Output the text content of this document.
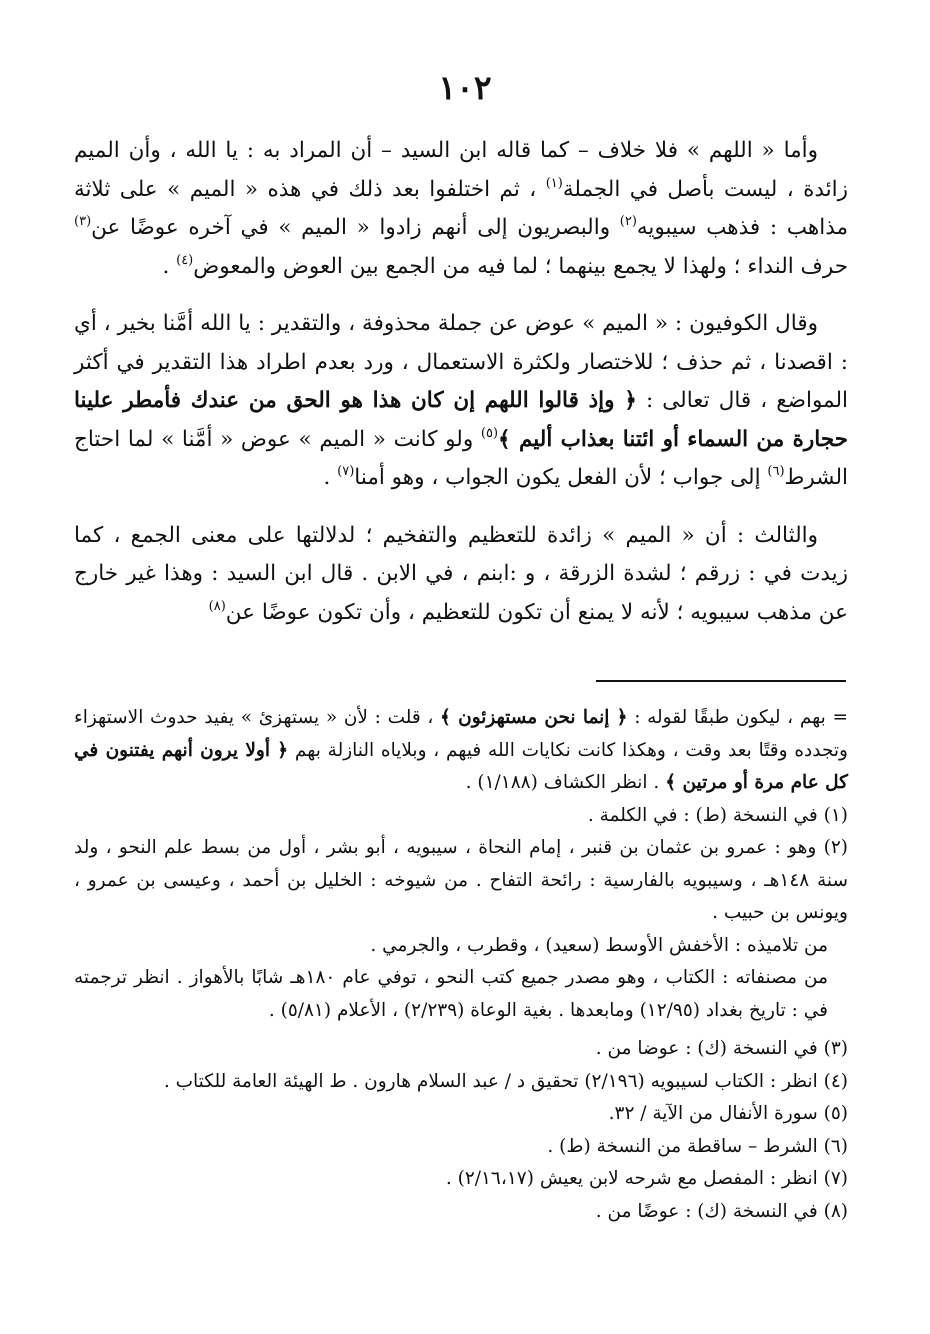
١٠٢

وأما « اللهم » فلا خلاف – كما قاله ابن السيد – أن المراد به : يا الله ، وأن الميم زائدة ، ليست بأصل في الجملة$^{(١)}$ ، ثم اختلفوا بعد ذلك في هذه « الميم » على ثلاثة مذاهب : فذهب سيبويه$^{(٢)}$ والبصريون إلى أنهم زادوا « الميم » في آخره عوضًا عن$^{(٣)}$ حرف النداء ؛ ولهذا لا يجمع بينهما ؛ لما فيه من الجمع بين العوض والمعوض$^{(٤)}$ .

وقال الكوفيون : « الميم » عوض عن جملة محذوفة ، والتقدير : يا الله أمَّنا بخير ، أي : اقصدنا ، ثم حذف ؛ للاختصار ولكثرة الاستعمال ، ورد بعدم اطراد هذا التقدير في أكثر المواضع ، قال تعالى : ﴿ وإذ قالوا اللهم إن كان هذا هو الحق من عندك فأمطر علينا حجارة من السماء أو ائتنا بعذاب أليم ﴾$^{(٥)}$ ولو كانت « الميم » عوض « أمَّنا » لما احتاج الشرط$^{(٦)}$ إلى جواب ؛ لأن الفعل يكون الجواب ، وهو أمنا$^{(٧)}$ .

والثالث : أن « الميم » زائدة للتعظيم والتفخيم ؛ لدلالتها على معنى الجمع ، كما زيدت في : زرقم ؛ لشدة الزرقة ، و :ابنم ، في الابن . قال ابن السيد : وهذا غير خارج عن مذهب سيبويه ؛ لأنه لا يمنع أن تكون للتعظيم ، وأن تكون عوضًا عن$^{(٨)}$

= بهم ، ليكون طبقًا لقوله : ﴿ إنما نحن مستهزئون ﴾ ، قلت : لأن « يستهزئ » يفيد حدوث الاستهزاء وتجدده وقتًا بعد وقت ، وهكذا كانت نكايات الله فيهم ، وبلاياه النازلة بهم ﴿ أولا يرون أنهم يفتنون في كل عام مرة أو مرتين ﴾ . انظر الكشاف (١/١٨٨) .

(١) في النسخة (ط) : في الكلمة .

(٢) وهو : عمرو بن عثمان بن قنبر ، إمام النحاة ، سيبويه ، أبو بشر ، أول من بسط علم النحو ، ولد سنة ١٤٨هـ ، وسيبويه بالفارسية : رائحة التفاح . من شيوخه : الخليل بن أحمد ، وعيسى بن عمرو ، ويونس بن حبيب .

من تلاميذه : الأخفش الأوسط (سعيد) ، وقطرب ، والجرمي .

من مصنفاته : الكتاب ، وهو مصدر جميع كتب النحو ، توفي عام ١٨٠هـ شابًا بالأهواز . انظر ترجمته في : تاريخ بغداد (١٢/٩٥) ومابعدها . بغية الوعاة (٢/٢٣٩) ، الأعلام (٥/٨١) .

(٣) في النسخة (ك) : عوضا من .

(٤) انظر : الكتاب لسيبويه (٢/١٩٦) تحقيق د / عبد السلام هارون . ط الهيئة العامة للكتاب .

(٥) سورة الأنفال من الآية / ٣٢.

(٦) الشرط – ساقطة من النسخة (ط) .

(٧) انظر : المفصل مع شرحه لابن يعيش (٢/١٦،١٧) .

(٨) في النسخة (ك) : عوضًا من .
